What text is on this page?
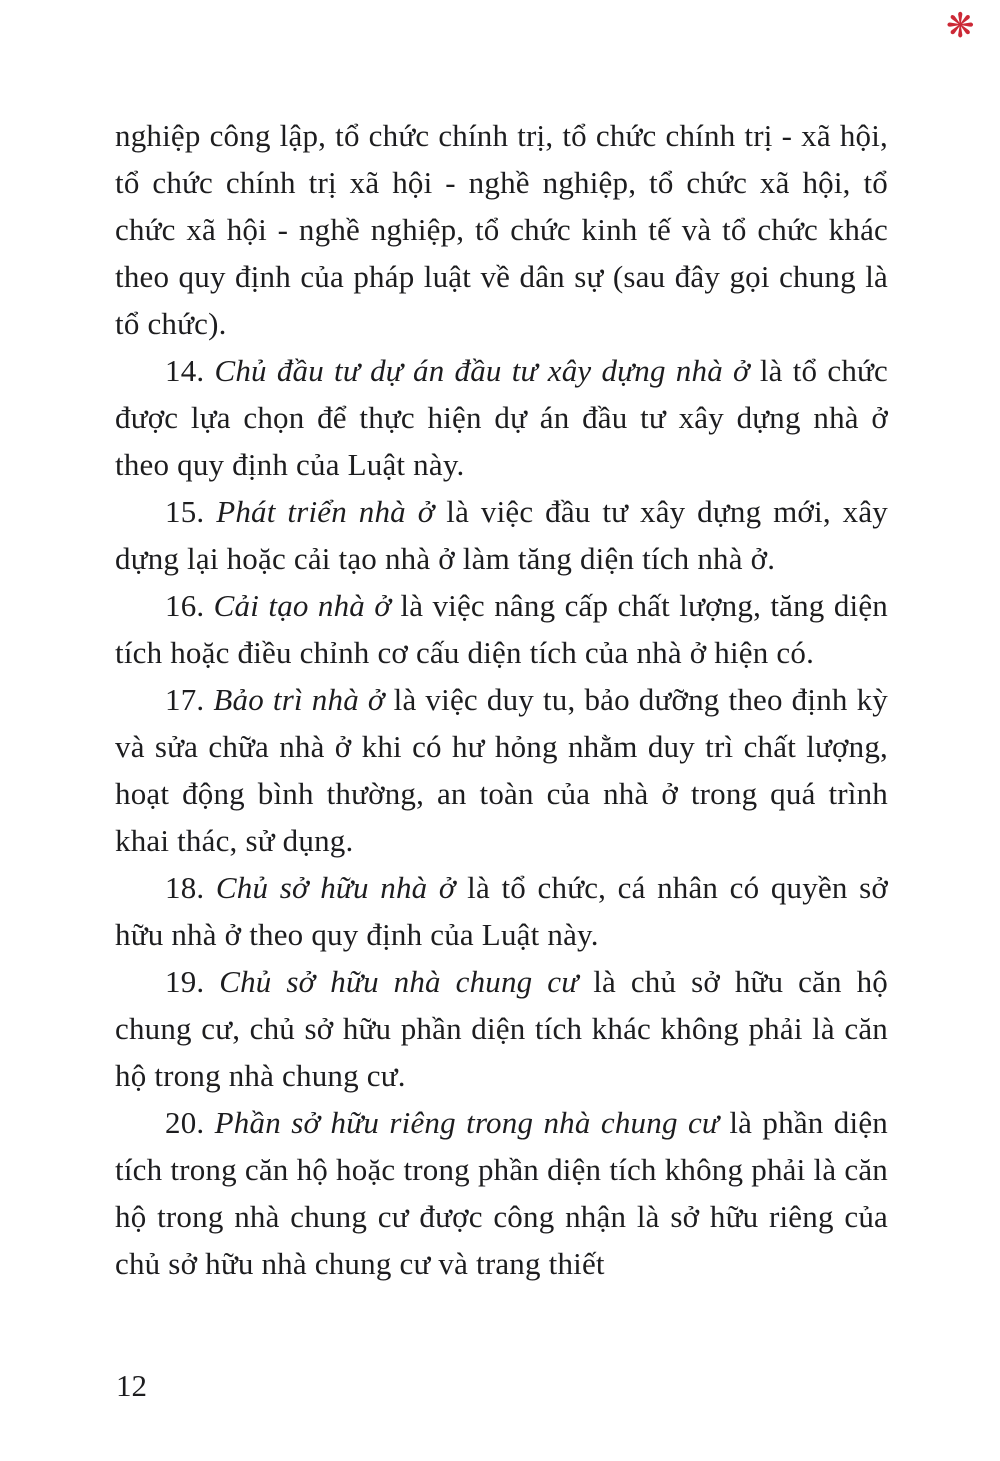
❋

nghiệp công lập, tổ chức chính trị, tổ chức chính trị - xã hội, tổ chức chính trị xã hội - nghề nghiệp, tổ chức xã hội, tổ chức xã hội - nghề nghiệp, tổ chức kinh tế và tổ chức khác theo quy định của pháp luật về dân sự (sau đây gọi chung là tổ chức).

14. Chủ đầu tư dự án đầu tư xây dựng nhà ở là tổ chức được lựa chọn để thực hiện dự án đầu tư xây dựng nhà ở theo quy định của Luật này.

15. Phát triển nhà ở là việc đầu tư xây dựng mới, xây dựng lại hoặc cải tạo nhà ở làm tăng diện tích nhà ở.

16. Cải tạo nhà ở là việc nâng cấp chất lượng, tăng diện tích hoặc điều chỉnh cơ cấu diện tích của nhà ở hiện có.

17. Bảo trì nhà ở là việc duy tu, bảo dưỡng theo định kỳ và sửa chữa nhà ở khi có hư hỏng nhằm duy trì chất lượng, hoạt động bình thường, an toàn của nhà ở trong quá trình khai thác, sử dụng.

18. Chủ sở hữu nhà ở là tổ chức, cá nhân có quyền sở hữu nhà ở theo quy định của Luật này.

19. Chủ sở hữu nhà chung cư là chủ sở hữu căn hộ chung cư, chủ sở hữu phần diện tích khác không phải là căn hộ trong nhà chung cư.

20. Phần sở hữu riêng trong nhà chung cư là phần diện tích trong căn hộ hoặc trong phần diện tích không phải là căn hộ trong nhà chung cư được công nhận là sở hữu riêng của chủ sở hữu nhà chung cư và trang thiết

12
